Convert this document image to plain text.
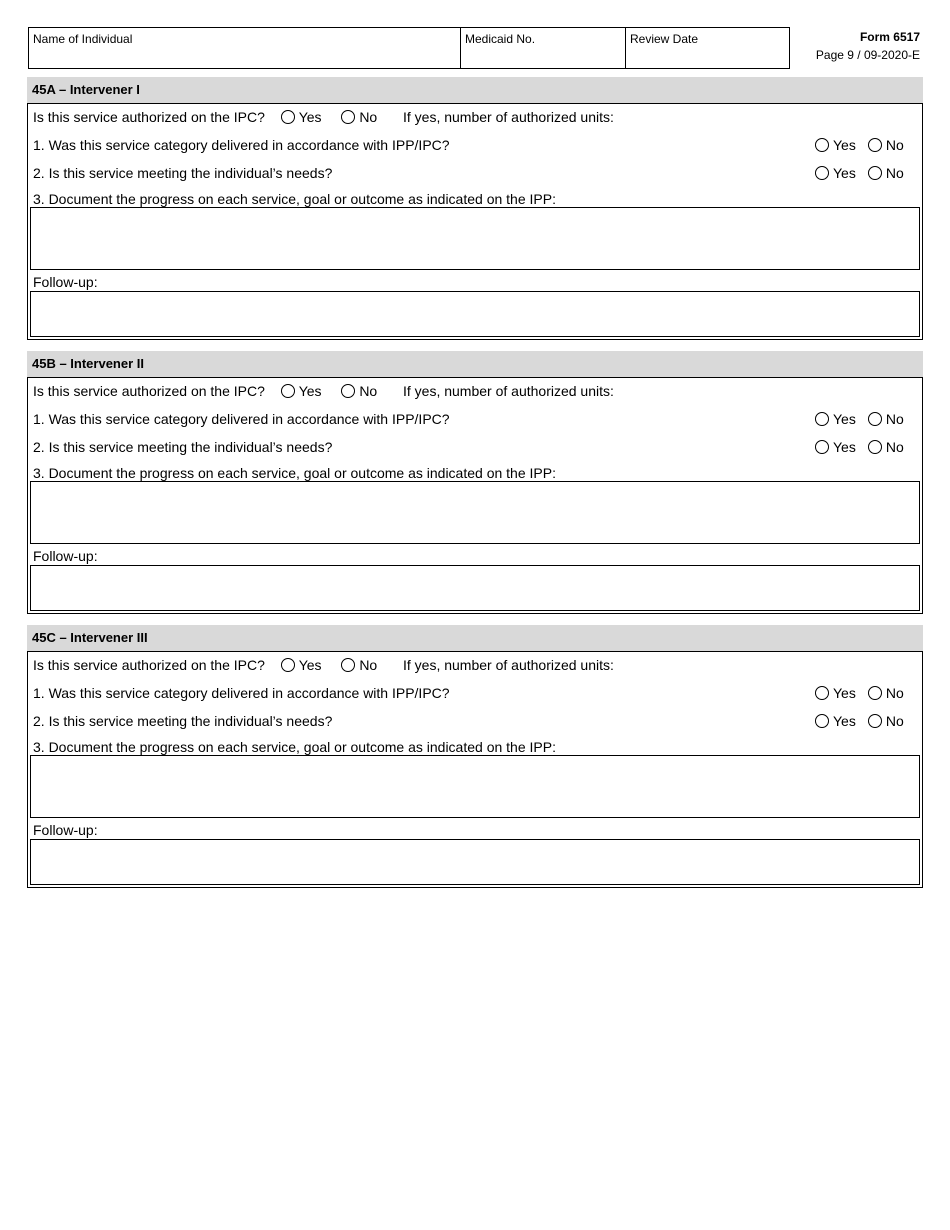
Name of Individual	Medicaid No.	Review Date	Form 6517
Page 9 / 09-2020-E
45A – Intervener I
Is this service authorized on the IPC? Yes	No If yes, number of authorized units:
1. Was this service category delivered in accordance with IPP/IPC? .....	Yes No
2. Is this service meeting the individual’s needs? .....	Yes No
3. Document the progress on each service, goal or outcome as indicated on the IPP:
Follow-up:
45B – Intervener II
Is this service authorized on the IPC? Yes	No If yes, number of authorized units:
1. Was this service category delivered in accordance with IPP/IPC? .....	Yes No
2. Is this service meeting the individual’s needs? .....	Yes No
3. Document the progress on each service, goal or outcome as indicated on the IPP:
Follow-up:
45C – Intervener III
Is this service authorized on the IPC? Yes	No If yes, number of authorized units:
1. Was this service category delivered in accordance with IPP/IPC? .....	Yes No
2. Is this service meeting the individual’s needs? .....	Yes No
3. Document the progress on each service, goal or outcome as indicated on the IPP:
Follow-up:
